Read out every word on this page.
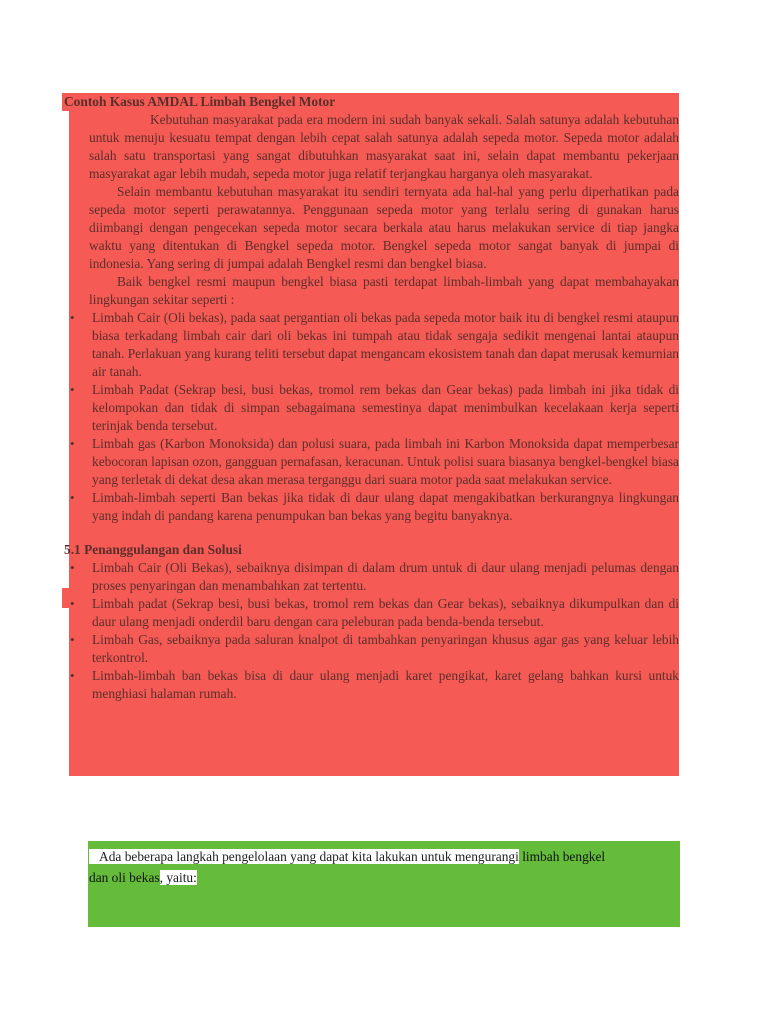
Contoh Kasus AMDAL Limbah Bengkel Motor

Kebutuhan masyarakat pada era modern ini sudah banyak sekali. Salah satunya adalah kebutuhan untuk menuju kesuatu tempat dengan lebih cepat salah satunya adalah sepeda motor. Sepeda motor adalah salah satu transportasi yang sangat dibutuhkan masyarakat saat ini, selain dapat membantu pekerjaan masyarakat agar lebih mudah, sepeda motor juga relatif terjangkau harganya oleh masyarakat.

Selain membantu kebutuhan masyarakat itu sendiri ternyata ada hal-hal yang perlu diperhatikan pada sepeda motor seperti perawatannya. Penggunaan sepeda motor yang terlalu sering di gunakan harus diimbangi dengan pengecekan sepeda motor secara berkala atau harus melakukan service di tiap jangka waktu yang ditentukan di Bengkel sepeda motor. Bengkel sepeda motor sangat banyak di jumpai di indonesia. Yang sering di jumpai adalah Bengkel resmi dan bengkel biasa.

Baik bengkel resmi maupun bengkel biasa pasti terdapat limbah-limbah yang dapat membahayakan lingkungan sekitar seperti :

• Limbah Cair (Oli bekas), pada saat pergantian oli bekas pada sepeda motor baik itu di bengkel resmi ataupun biasa terkadang limbah cair dari oli bekas ini tumpah atau tidak sengaja sedikit mengenai lantai ataupun tanah. Perlakuan yang kurang teliti tersebut dapat mengancam ekosistem tanah dan dapat merusak kemurnian air tanah.
• Limbah Padat (Sekrap besi, busi bekas, tromol rem bekas dan Gear bekas) pada limbah ini jika tidak di kelompokan dan tidak di simpan sebagaimana semestinya dapat menimbulkan kecelakaan kerja seperti terinjak benda tersebut.
• Limbah gas (Karbon Monoksida) dan polusi suara, pada limbah ini Karbon Monoksida dapat memperbesar kebocoran lapisan ozon, gangguan pernafasan, keracunan. Untuk polisi suara biasanya bengkel-bengkel biasa yang terletak di dekat desa akan merasa terganggu dari suara motor pada saat melakukan service.
• Limbah-limbah seperti Ban bekas jika tidak di daur ulang dapat mengakibatkan berkurangnya lingkungan yang indah di pandang karena penumpukan ban bekas yang begitu banyaknya.

5.1 Penanggulangan dan Solusi

• Limbah Cair (Oli Bekas), sebaiknya disimpan di dalam drum untuk di daur ulang menjadi pelumas dengan proses penyaringan dan menambahkan zat tertentu.
• Limbah padat (Sekrap besi, busi bekas, tromol rem bekas dan Gear bekas), sebaiknya dikumpulkan dan di daur ulang menjadi onderdil baru dengan cara peleburan pada benda-benda tersebut.
• Limbah Gas, sebaiknya pada saluran knalpot di tambahkan penyaringan khusus agar gas yang keluar lebih terkontrol.
• Limbah-limbah ban bekas bisa di daur ulang menjadi karet pengikat, karet gelang bahkan kursi untuk menghiasi halaman rumah.
Ada beberapa langkah pengelolaan yang dapat kita lakukan untuk mengurangi limbah bengkel
dan oli bekas, yaitu:
